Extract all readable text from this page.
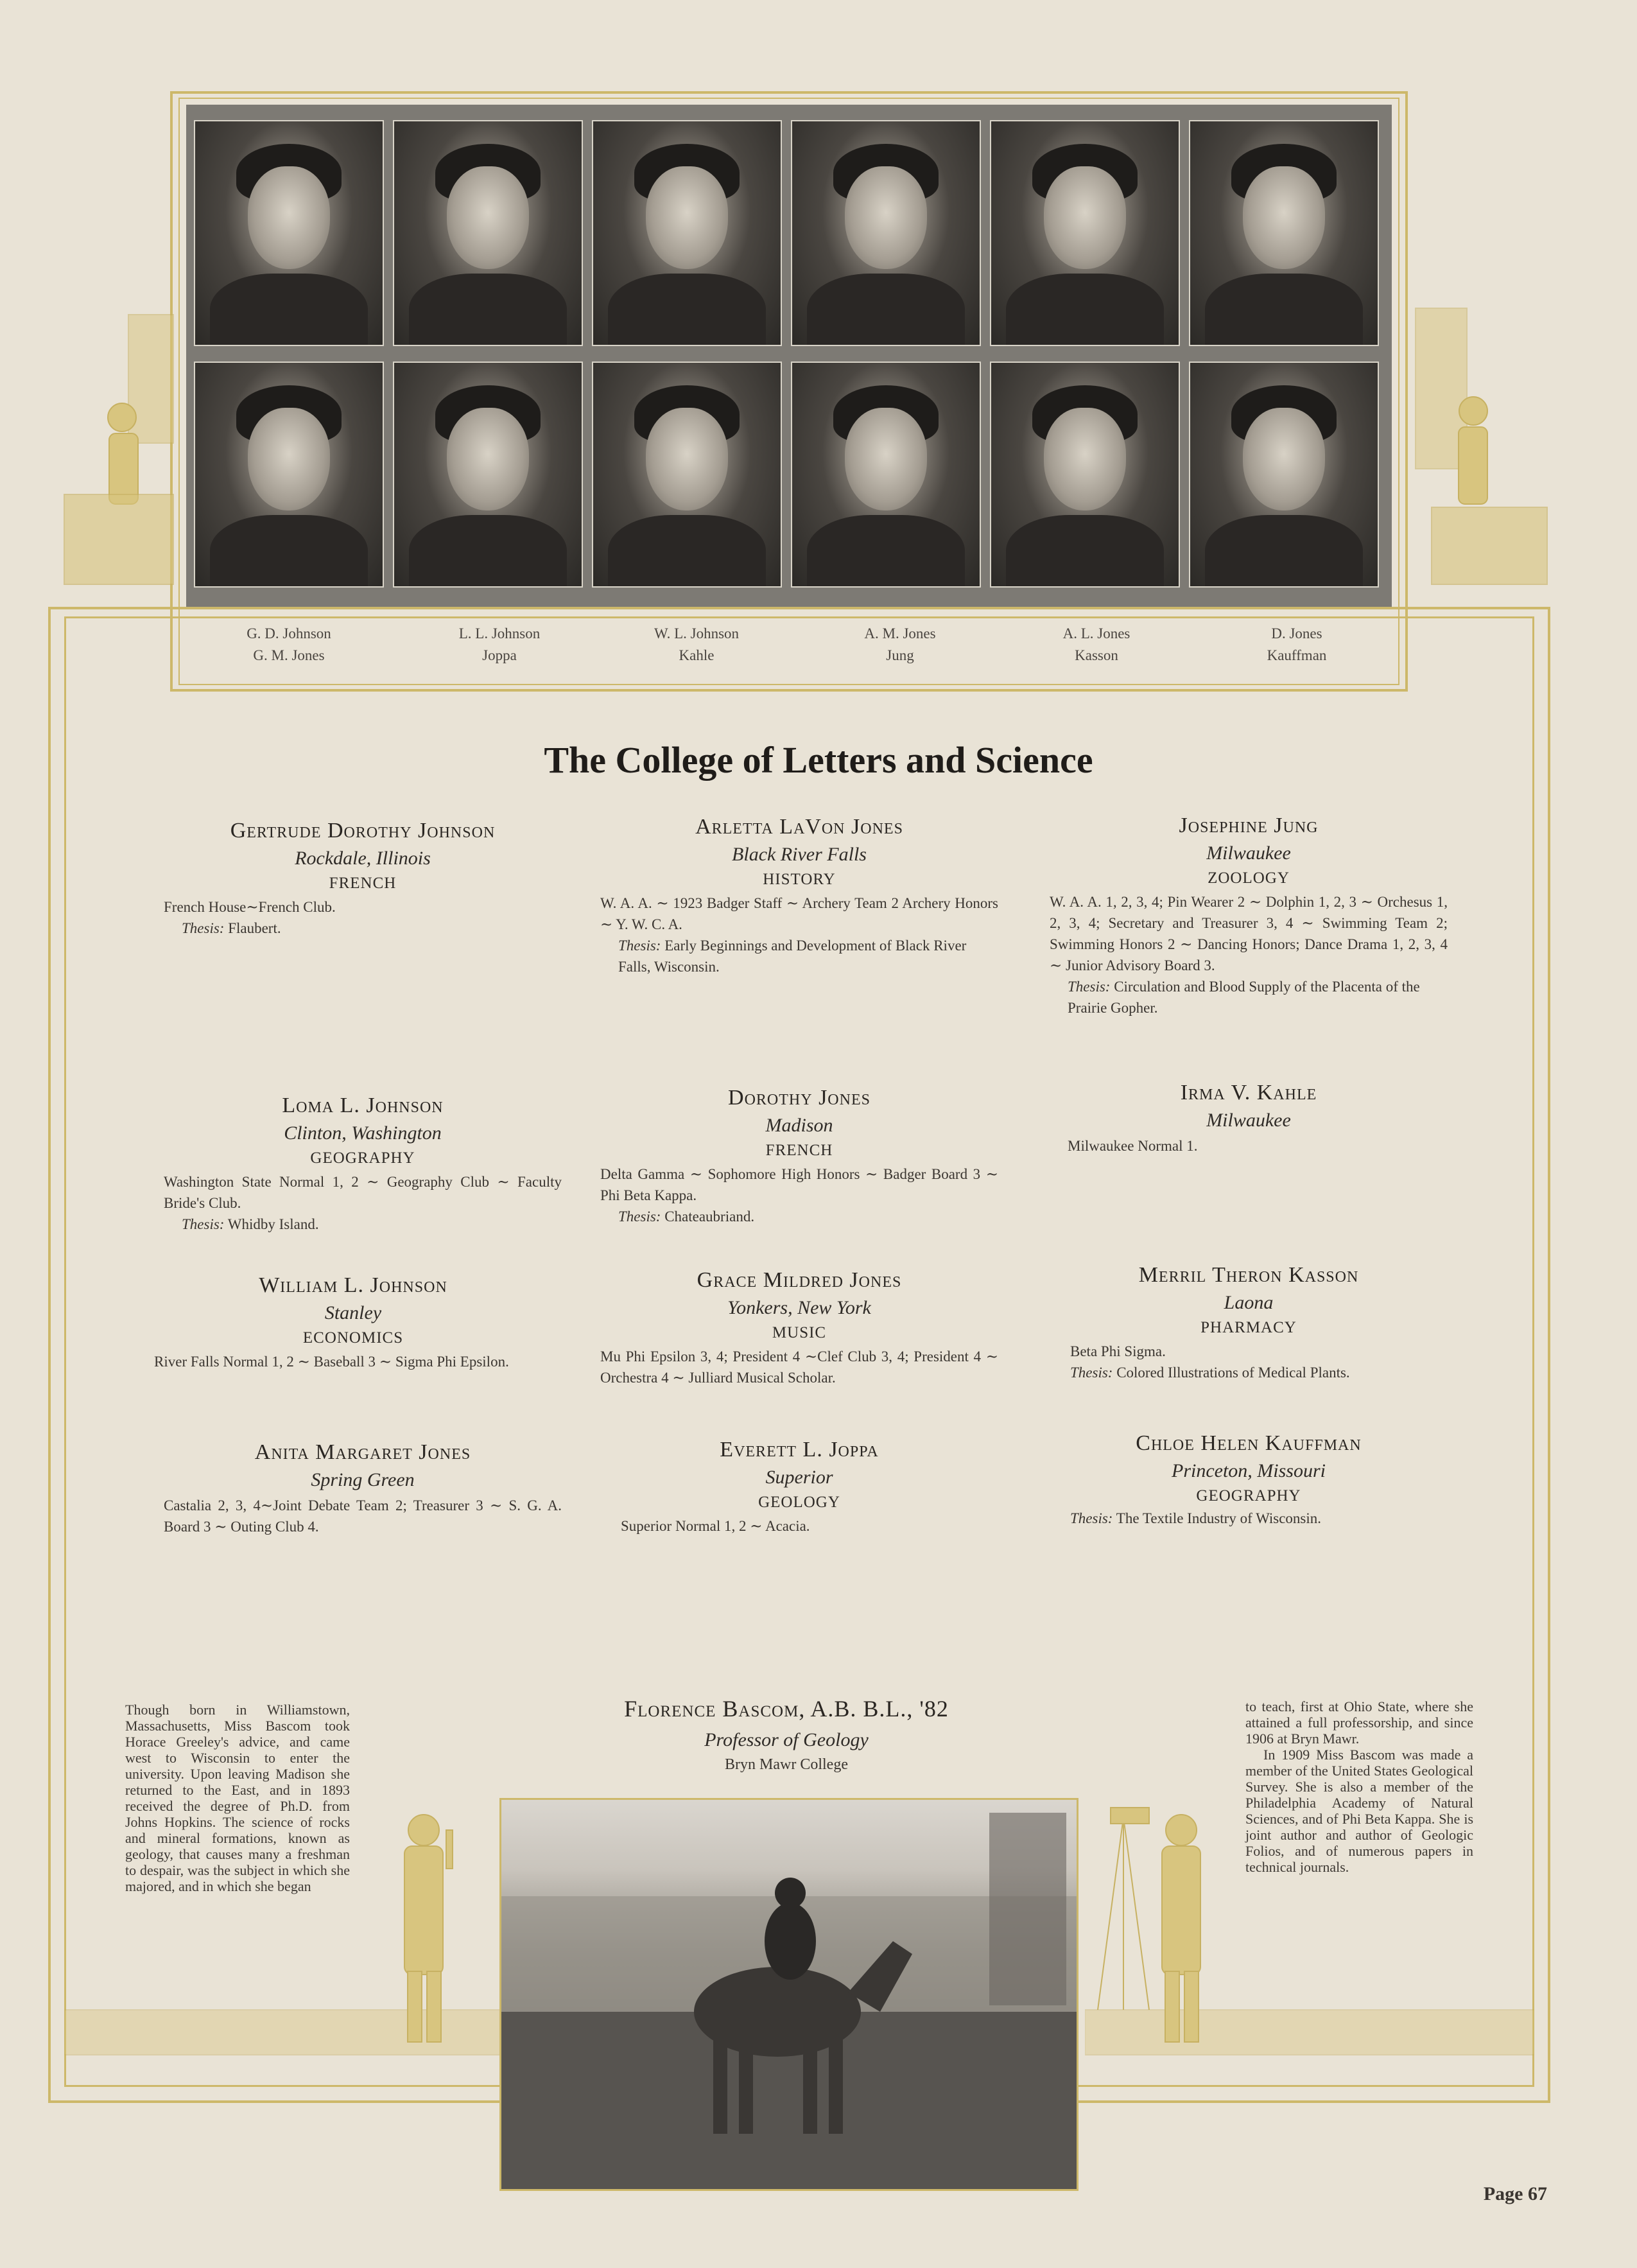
G. D. Johnson
G. M. Jones
L. L. Johnson
Joppa
W. L. Johnson
Kahle
A. M. Jones
Jung
A. L. Jones
Kasson
D. Jones
Kauffman
The College of Letters and Science
Gertrude Dorothy Johnson
Rockdale, Illinois
FRENCH
French House∼French Club.
Thesis: Flaubert.
Loma L. Johnson
Clinton, Washington
GEOGRAPHY
Washington State Normal 1, 2 ∼ Geography Club ∼ Faculty Bride's Club.
Thesis: Whidby Island.
William L. Johnson
Stanley
ECONOMICS
River Falls Normal 1, 2 ∼ Baseball 3 ∼ Sigma Phi Epsilon.
Anita Margaret Jones
Spring Green
Castalia 2, 3, 4∼Joint Debate Team 2; Treasurer 3 ∼ S. G. A. Board 3 ∼ Outing Club 4.
Arletta LaVon Jones
Black River Falls
HISTORY
W. A. A. ∼ 1923 Badger Staff ∼ Archery Team 2 Archery Honors ∼ Y. W. C. A.
Thesis: Early Beginnings and Development of Black River Falls, Wisconsin.
Dorothy Jones
Madison
FRENCH
Delta Gamma ∼ Sophomore High Honors ∼ Badger Board 3 ∼ Phi Beta Kappa.
Thesis: Chateaubriand.
Grace Mildred Jones
Yonkers, New York
MUSIC
Mu Phi Epsilon 3, 4; President 4 ∼Clef Club 3, 4; President 4 ∼ Orchestra 4 ∼ Julliard Musical Scholar.
Everett L. Joppa
Superior
GEOLOGY
Superior Normal 1, 2 ∼ Acacia.
Josephine Jung
Milwaukee
ZOOLOGY
W. A. A. 1, 2, 3, 4; Pin Wearer 2 ∼ Dolphin 1, 2, 3 ∼ Orchesus 1, 2, 3, 4; Secretary and Treasurer 3, 4 ∼ Swimming Team 2; Swimming Honors 2 ∼ Dancing Honors; Dance Drama 1, 2, 3, 4 ∼ Junior Advisory Board 3.
Thesis: Circulation and Blood Supply of the Placenta of the Prairie Gopher.
Irma V. Kahle
Milwaukee
Milwaukee Normal 1.
Merril Theron Kasson
Laona
PHARMACY
Beta Phi Sigma.
Thesis: Colored Illustrations of Medical Plants.
Chloe Helen Kauffman
Princeton, Missouri
GEOGRAPHY
Thesis: The Textile Industry of Wisconsin.
Florence Bascom, A.B. B.L., '82
Professor of Geology
Bryn Mawr College
Though born in Williamstown, Massachusetts, Miss Bascom took Horace Greeley's advice, and came west to Wisconsin to enter the university. Upon leaving Madison she returned to the East, and in 1893 received the degree of Ph.D. from Johns Hopkins. The science of rocks and mineral formations, known as geology, that causes many a freshman to despair, was the subject in which she majored, and in which she began
to teach, first at Ohio State, where she attained a full professorship, and since 1906 at Bryn Mawr.
In 1909 Miss Bascom was made a member of the United States Geological Survey. She is also a member of the Philadelphia Academy of Natural Sciences, and of Phi Beta Kappa. She is joint author and author of Geologic Folios, and of numerous papers in technical journals.
Page 67
